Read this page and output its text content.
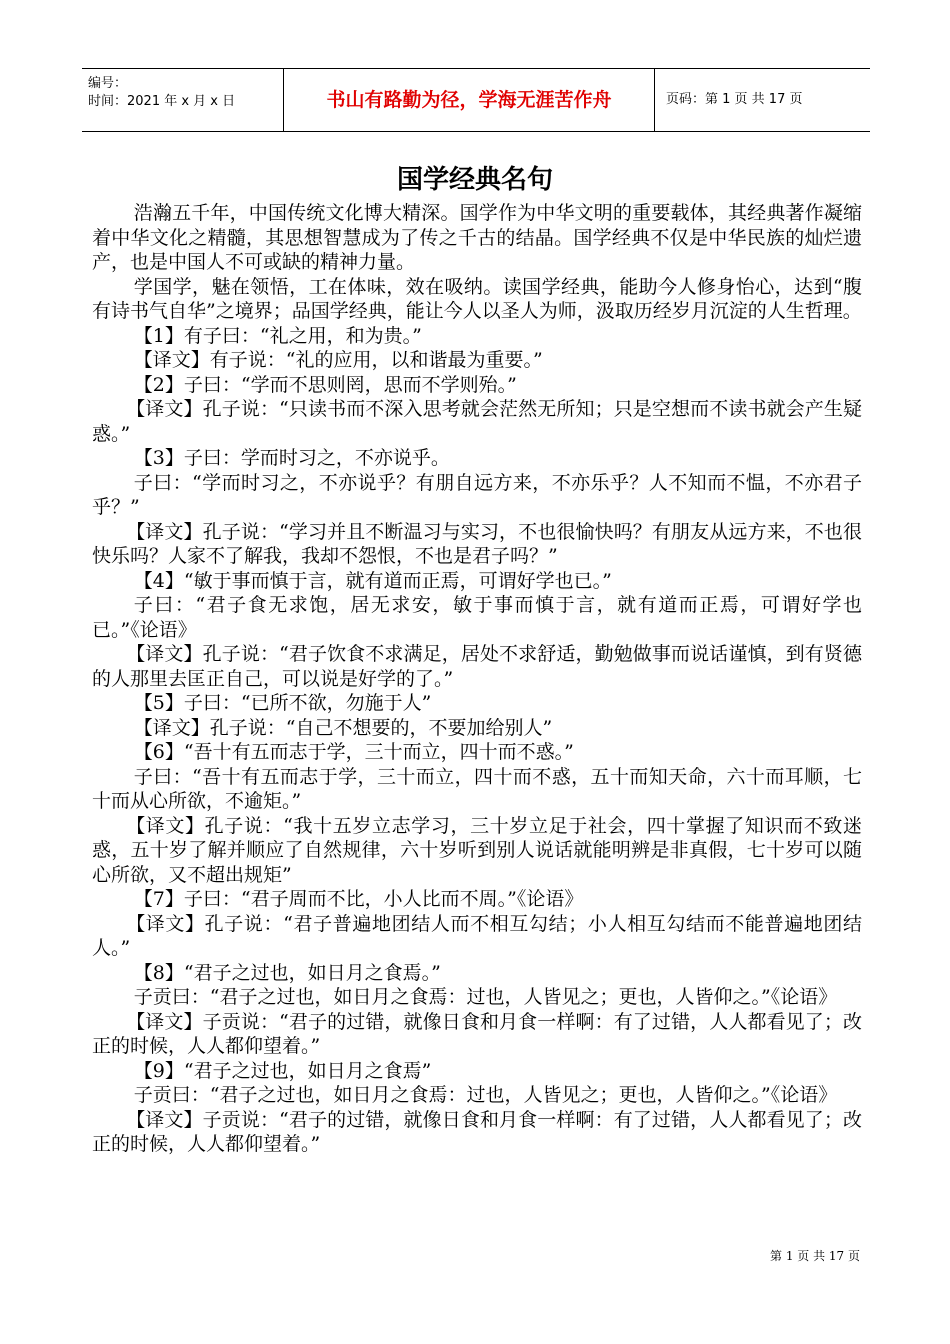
编号：
时间：2021 年 x 月 x 日	书山有路勤为径，学海无涯苦作舟	页码：第 1 页 共 17 页
国学经典名句

浩瀚五千年，中国传统文化博大精深。国学作为中华文明的重要载体，其经典著作凝缩着中华文化之精髓，其思想智慧成为了传之千古的结晶。国学经典不仅是中华民族的灿烂遗产，也是中国人不可或缺的精神力量。

学国学，魅在领悟，工在体味，效在吸纳。读国学经典，能助今人修身怡心，达到“腹有诗书气自华”之境界；品国学经典，能让今人以圣人为师，汲取历经岁月沉淀的人生哲理。

【1】有子曰：“礼之用，和为贵。”

【译文】有子说：“礼的应用，以和谐最为重要。”

【2】子曰：“学而不思则罔，思而不学则殆。”

【译文】孔子说：“只读书而不深入思考就会茫然无所知；只是空想而不读书就会产生疑惑。”

【3】子曰：学而时习之，不亦说乎。

子曰：“学而时习之，不亦说乎？有朋自远方来，不亦乐乎？人不知而不愠，不亦君子乎？”

【译文】孔子说：“学习并且不断温习与实习，不也很愉快吗？有朋友从远方来，不也很快乐吗？人家不了解我，我却不怨恨，不也是君子吗？”

【4】“敏于事而慎于言，就有道而正焉，可谓好学也已。”

子曰：“君子食无求饱，居无求安，敏于事而慎于言，就有道而正焉，可谓好学也已。”《论语》

【译文】孔子说：“君子饮食不求满足，居处不求舒适，勤勉做事而说话谨慎，到有贤德的人那里去匡正自己，可以说是好学的了。”

【5】子曰：“已所不欲，勿施于人”

【译文】孔子说：“自己不想要的，不要加给别人”

【6】“吾十有五而志于学，三十而立，四十而不惑。”

子曰：“吾十有五而志于学，三十而立，四十而不惑，五十而知天命，六十而耳顺，七十而从心所欲，不逾矩。”

【译文】孔子说：“我十五岁立志学习，三十岁立足于社会，四十掌握了知识而不致迷惑，五十岁了解并顺应了自然规律，六十岁听到别人说话就能明辨是非真假，七十岁可以随心所欲，又不超出规矩”

【7】子曰：“君子周而不比，小人比而不周。”《论语》

【译文】孔子说：“君子普遍地团结人而不相互勾结；小人相互勾结而不能普遍地团结人。”

【8】“君子之过也，如日月之食焉。”

子贡曰：“君子之过也，如日月之食焉：过也，人皆见之；更也，人皆仰之。”《论语》

【译文】子贡说：“君子的过错，就像日食和月食一样啊：有了过错，人人都看见了；改正的时候，人人都仰望着。”

【9】“君子之过也，如日月之食焉”

子贡曰：“君子之过也，如日月之食焉：过也，人皆见之；更也，人皆仰之。”《论语》

【译文】子贡说：“君子的过错，就像日食和月食一样啊：有了过错，人人都看见了；改正的时候，人人都仰望着。”

第 1 页 共 17 页
